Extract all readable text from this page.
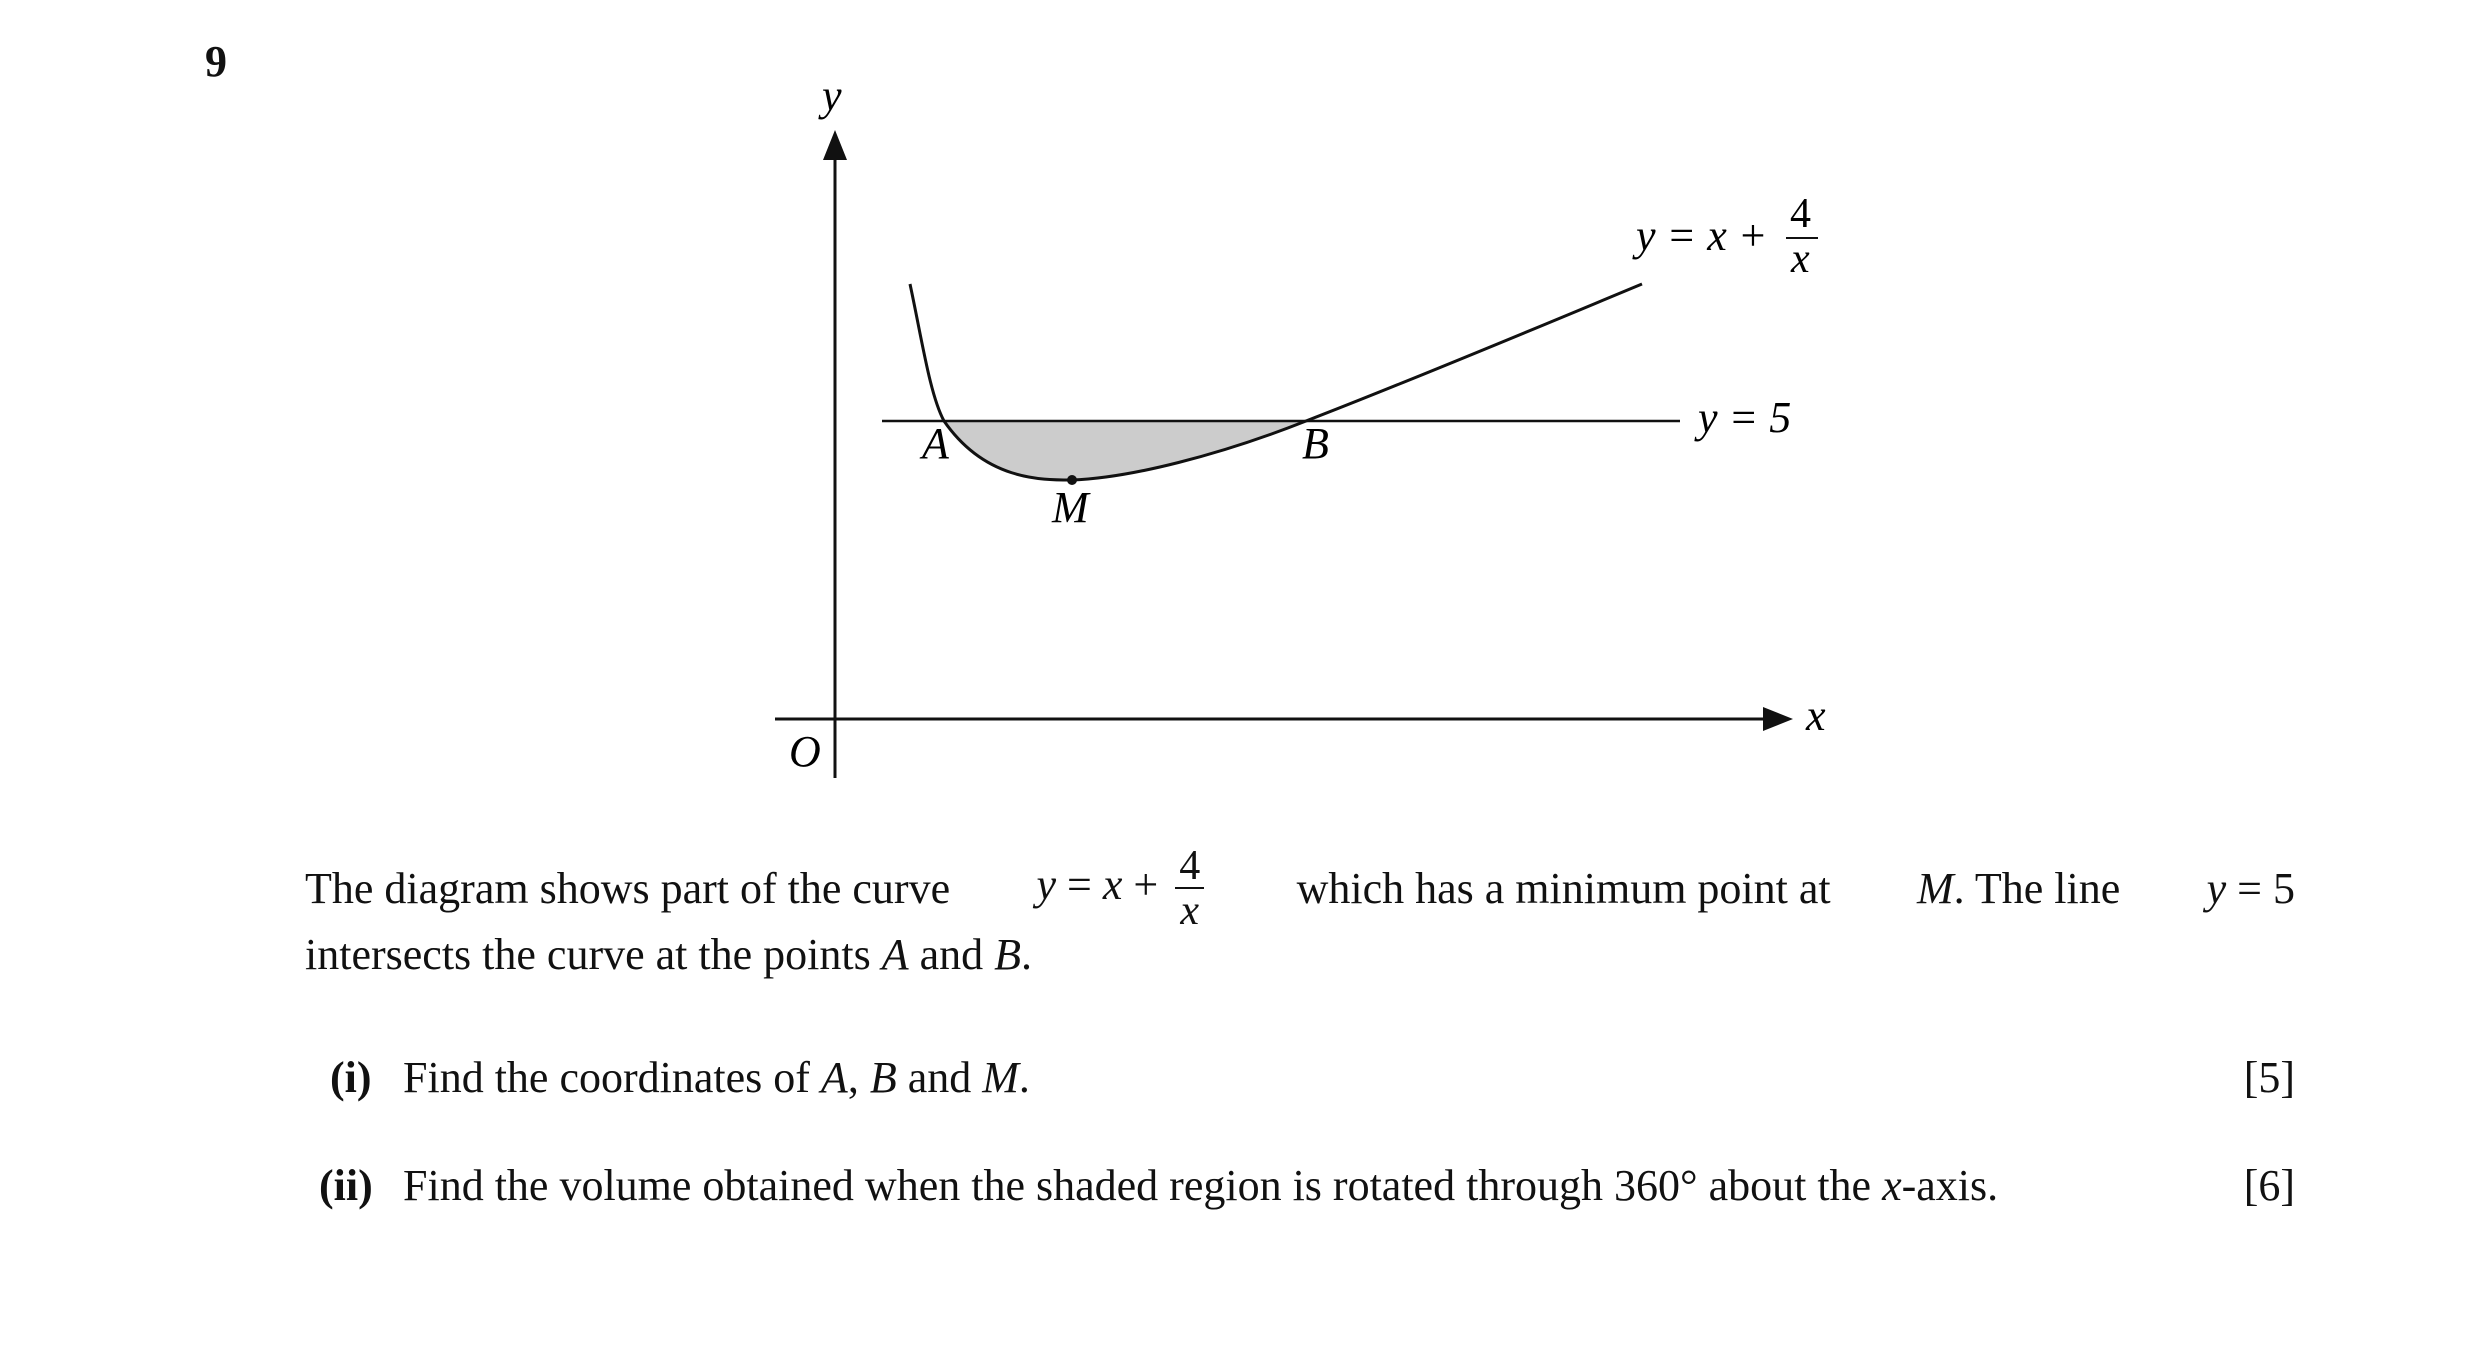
9
y
x
O
A	B
M
y = 5
y = x + 4
x
The diagram shows part of the curve $y = x + \frac{4}{x}$ which has a minimum point at M. The line y = 5
intersects the curve at the points A and B.
(i) Find the coordinates of A, B and M.	[5]
(ii) Find the volume obtained when the shaded region is rotated through 360° about the x-axis.	[6]
